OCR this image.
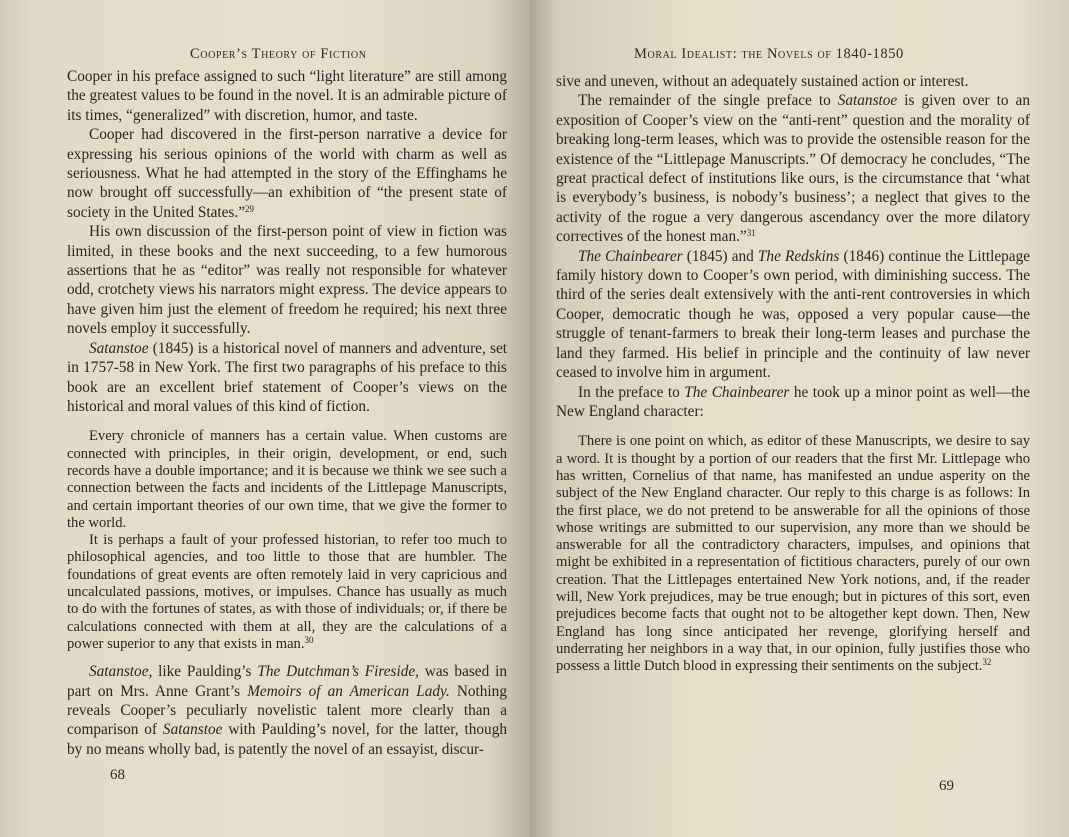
Cooper’s Theory of Fiction

Cooper in his preface assigned to such “light literature” are still among the greatest values to be found in the novel. It is an admirable picture of its times, “generalized” with discretion, humor, and taste.

Cooper had discovered in the first-person narrative a device for expressing his serious opinions of the world with charm as well as seriousness. What he had attempted in the story of the Effinghams he now brought off successfully—an exhibition of “the present state of society in the United States.”$^{29}$

His own discussion of the first-person point of view in fiction was limited, in these books and the next succeeding, to a few humorous assertions that he as “editor” was really not responsible for whatever odd, crotchety views his narrators might express. The device appears to have given him just the element of freedom he required; his next three novels employ it successfully.

Satanstoe (1845) is a historical novel of manners and adventure, set in 1757-58 in New York. The first two paragraphs of his preface to this book are an excellent brief statement of Cooper’s views on the historical and moral values of this kind of fiction.

Every chronicle of manners has a certain value. When customs are connected with principles, in their origin, development, or end, such records have a double importance; and it is because we think we see such a connection between the facts and incidents of the Littlepage Manuscripts, and certain important theories of our own time, that we give the former to the world.

It is perhaps a fault of your professed historian, to refer too much to philosophical agencies, and too little to those that are humbler. The foundations of great events are often remotely laid in very capricious and uncalculated passions, motives, or impulses. Chance has usually as much to do with the fortunes of states, as with those of individuals; or, if there be calculations connected with them at all, they are the calculations of a power superior to any that exists in man.$^{30}$

Satanstoe, like Paulding’s The Dutchman’s Fireside, was based in part on Mrs. Anne Grant’s Memoirs of an American Lady. Nothing reveals Cooper’s peculiarly novelistic talent more clearly than a comparison of Satanstoe with Paulding’s novel, for the latter, though by no means wholly bad, is patently the novel of an essayist, discur-

68
Moral Idealist: the Novels of 1840-1850

sive and uneven, without an adequately sustained action or interest.

The remainder of the single preface to Satanstoe is given over to an exposition of Cooper’s view on the “anti-rent” question and the morality of breaking long-term leases, which was to provide the ostensible reason for the existence of the “Littlepage Manuscripts.” Of democracy he concludes, “The great practical defect of institutions like ours, is the circumstance that ‘what is everybody’s business, is nobody’s business’; a neglect that gives to the activity of the rogue a very dangerous ascendancy over the more dilatory correctives of the honest man.”$^{31}$

The Chainbearer (1845) and The Redskins (1846) continue the Littlepage family history down to Cooper’s own period, with diminishing success. The third of the series dealt extensively with the anti-rent controversies in which Cooper, democratic though he was, opposed a very popular cause—the struggle of tenant-farmers to break their long-term leases and purchase the land they farmed. His belief in principle and the continuity of law never ceased to involve him in argument.

In the preface to The Chainbearer he took up a minor point as well—the New England character:

There is one point on which, as editor of these Manuscripts, we desire to say a word. It is thought by a portion of our readers that the first Mr. Littlepage who has written, Cornelius of that name, has manifested an undue asperity on the subject of the New England character. Our reply to this charge is as follows: In the first place, we do not pretend to be answerable for all the opinions of those whose writings are submitted to our supervision, any more than we should be answerable for all the contradictory characters, impulses, and opinions that might be exhibited in a representation of fictitious characters, purely of our own creation. That the Littlepages entertained New York notions, and, if the reader will, New York prejudices, may be true enough; but in pictures of this sort, even prejudices become facts that ought not to be altogether kept down. Then, New England has long since anticipated her revenge, glorifying herself and underrating her neighbors in a way that, in our opinion, fully justifies those who possess a little Dutch blood in expressing their sentiments on the subject.$^{32}$

69
